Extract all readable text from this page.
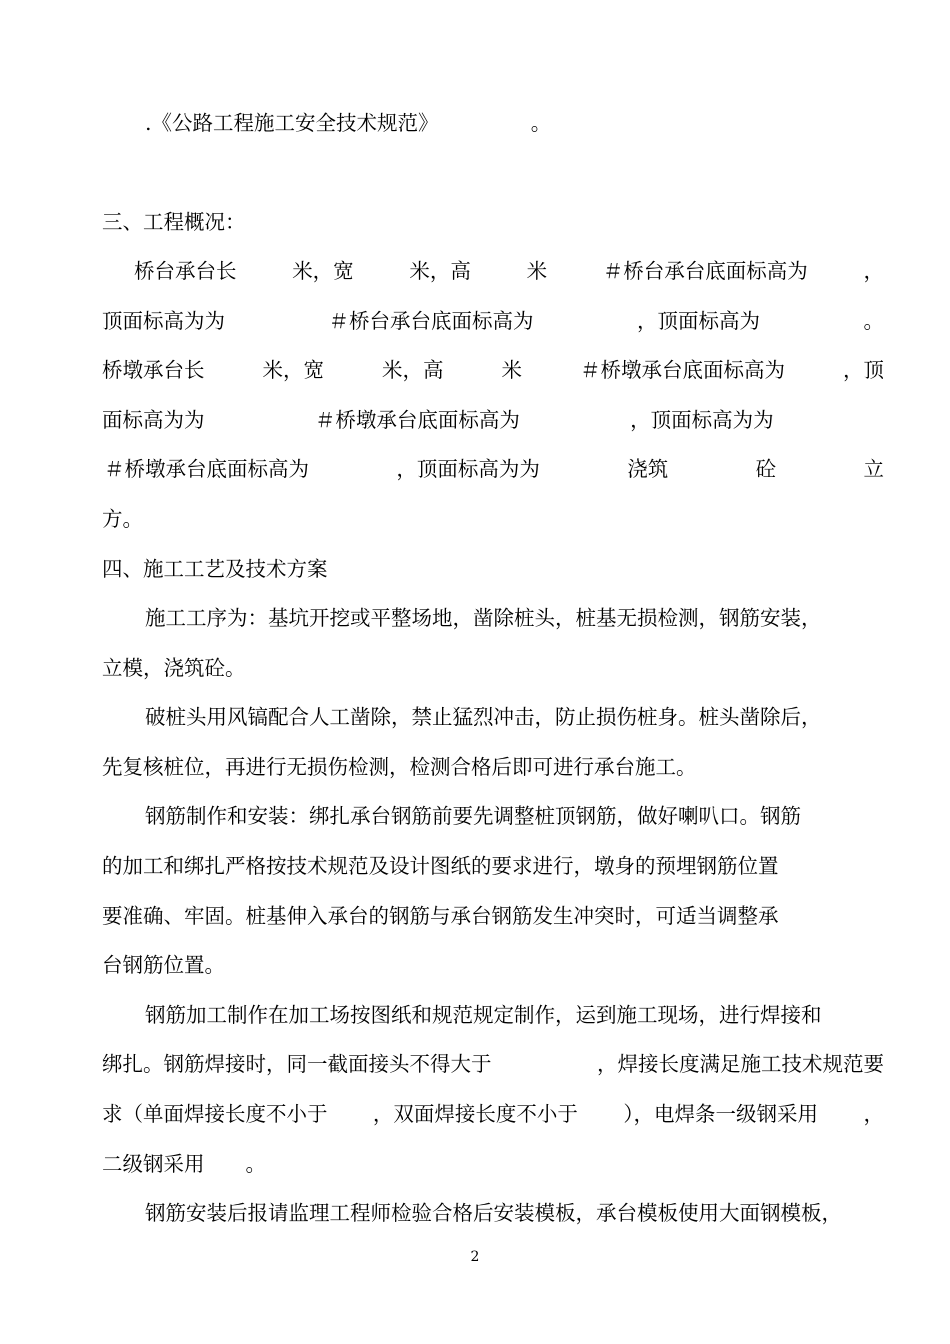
.《公路工程施工安全技术规范》　　　　　。

三、工程概况：

桥台承台长	米，宽	米，高	米	＃桥台承台底面标高为	，
顶面标高为为	＃桥台承台底面标高为	，顶面标高为	。
桥墩承台长	米，宽	米，高	米	＃桥墩承台底面标高为	，顶
面标高为为	＃桥墩承台底面标高为	，顶面标高为为
＃桥墩承台底面标高为	，顶面标高为为	浇筑	砼	立

方。

四、施工工艺及技术方案

施工工序为：基坑开挖或平整场地，凿除桩头，桩基无损检测，钢筋安装，

立模，浇筑砼。

破桩头用风镐配合人工凿除，禁止猛烈冲击，防止损伤桩身。桩头凿除后，

先复核桩位，再进行无损伤检测，检测合格后即可进行承台施工。

钢筋制作和安装：绑扎承台钢筋前要先调整桩顶钢筋，做好喇叭口。钢筋

的加工和绑扎严格按技术规范及设计图纸的要求进行，墩身的预埋钢筋位置

要准确、牢固。桩基伸入承台的钢筋与承台钢筋发生冲突时，可适当调整承

台钢筋位置。

钢筋加工制作在加工场按图纸和规范规定制作，运到施工现场，进行焊接和

绑扎。钢筋焊接时，同一截面接头不得大于	，焊接长度满足施工技术规范要
求（单面焊接长度不小于 ，双面焊接长度不小于 ），电焊条一级钢采用 ，

二级钢采用　　。

钢筋安装后报请监理工程师检验合格后安装模板，承台模板使用大面钢模板，

2
